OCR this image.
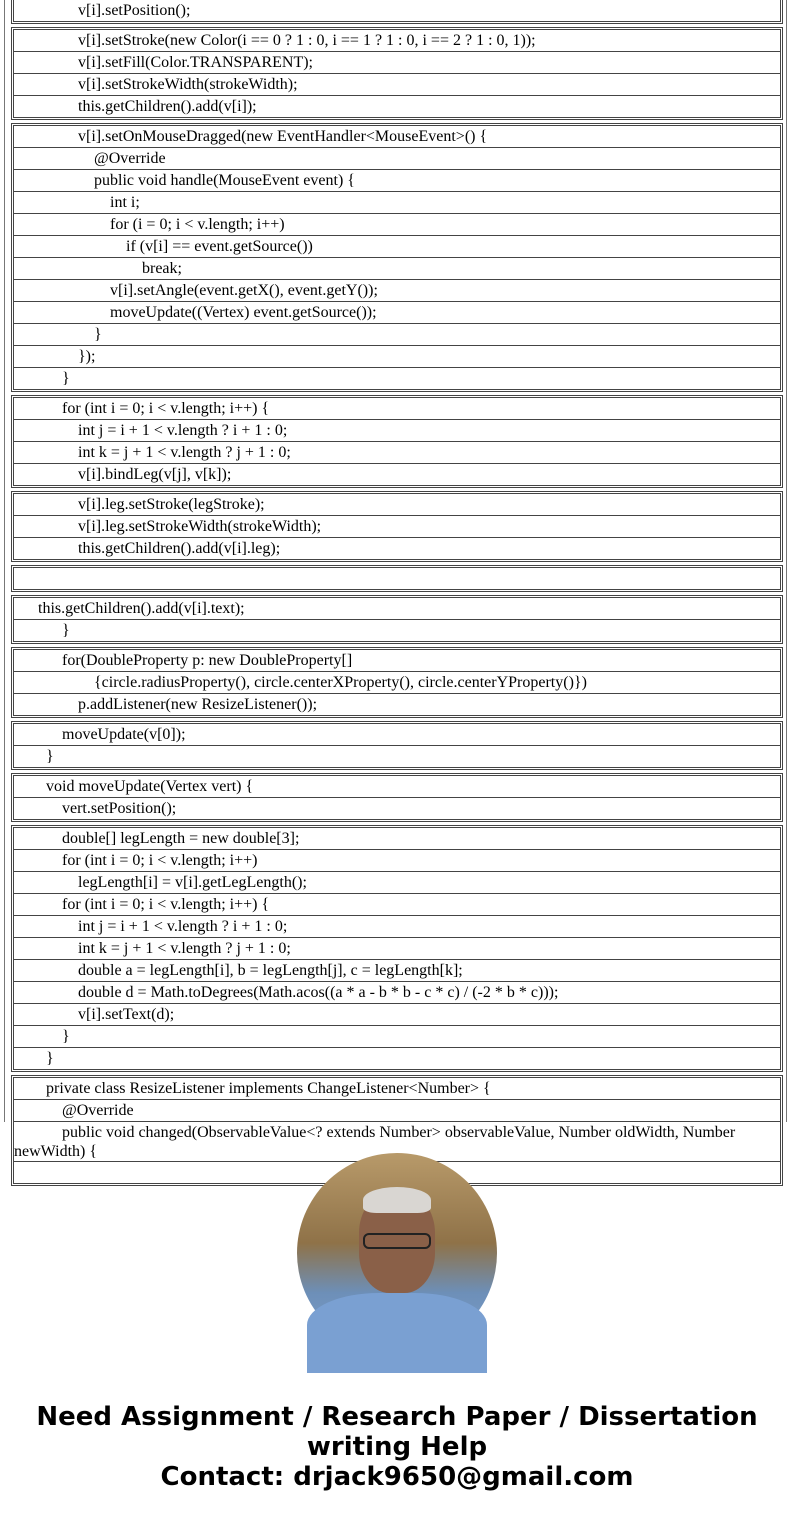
v[i].setPosition();
v[i].setStroke(new Color(i == 0 ? 1 : 0, i == 1 ? 1 : 0, i == 2 ? 1 : 0, 1));
v[i].setFill(Color.TRANSPARENT);
v[i].setStrokeWidth(strokeWidth);
this.getChildren().add(v[i]);
v[i].setOnMouseDragged(new EventHandler<MouseEvent>() {
@Override
public void handle(MouseEvent event) {
int i;
for (i = 0; i < v.length; i++)
if (v[i] == event.getSource())
break;
v[i].setAngle(event.getX(), event.getY());
moveUpdate((Vertex) event.getSource());
}
});
}
for (int i = 0; i < v.length; i++) {
int j = i + 1 < v.length ? i + 1 : 0;
int k = j + 1 < v.length ? j + 1 : 0;
v[i].bindLeg(v[j], v[k]);
v[i].leg.setStroke(legStroke);
v[i].leg.setStrokeWidth(strokeWidth);
this.getChildren().add(v[i].leg);
this.getChildren().add(v[i].text);
}
for(DoubleProperty p: new DoubleProperty[]
{circle.radiusProperty(), circle.centerXProperty(), circle.centerYProperty()})
p.addListener(new ResizeListener());
moveUpdate(v[0]);
}
void moveUpdate(Vertex vert) {
vert.setPosition();
double[] legLength = new double[3];
for (int i = 0; i < v.length; i++)
legLength[i] = v[i].getLegLength();
for (int i = 0; i < v.length; i++) {
int j = i + 1 < v.length ? i + 1 : 0;
int k = j + 1 < v.length ? j + 1 : 0;
double a = legLength[i], b = legLength[j], c = legLength[k];
double d = Math.toDegrees(Math.acos((a * a - b * b - c * c) / (-2 * b * c)));
v[i].setText(d);
}
}
private class ResizeListener implements ChangeListener<Number> {
@Override
public void changed(ObservableValue<? extends Number> observableValue, Number oldWidth, Number newWidth) {
Need Assignment / Research Paper / Dissertation writing Help
Contact: drjack9650@gmail.com
